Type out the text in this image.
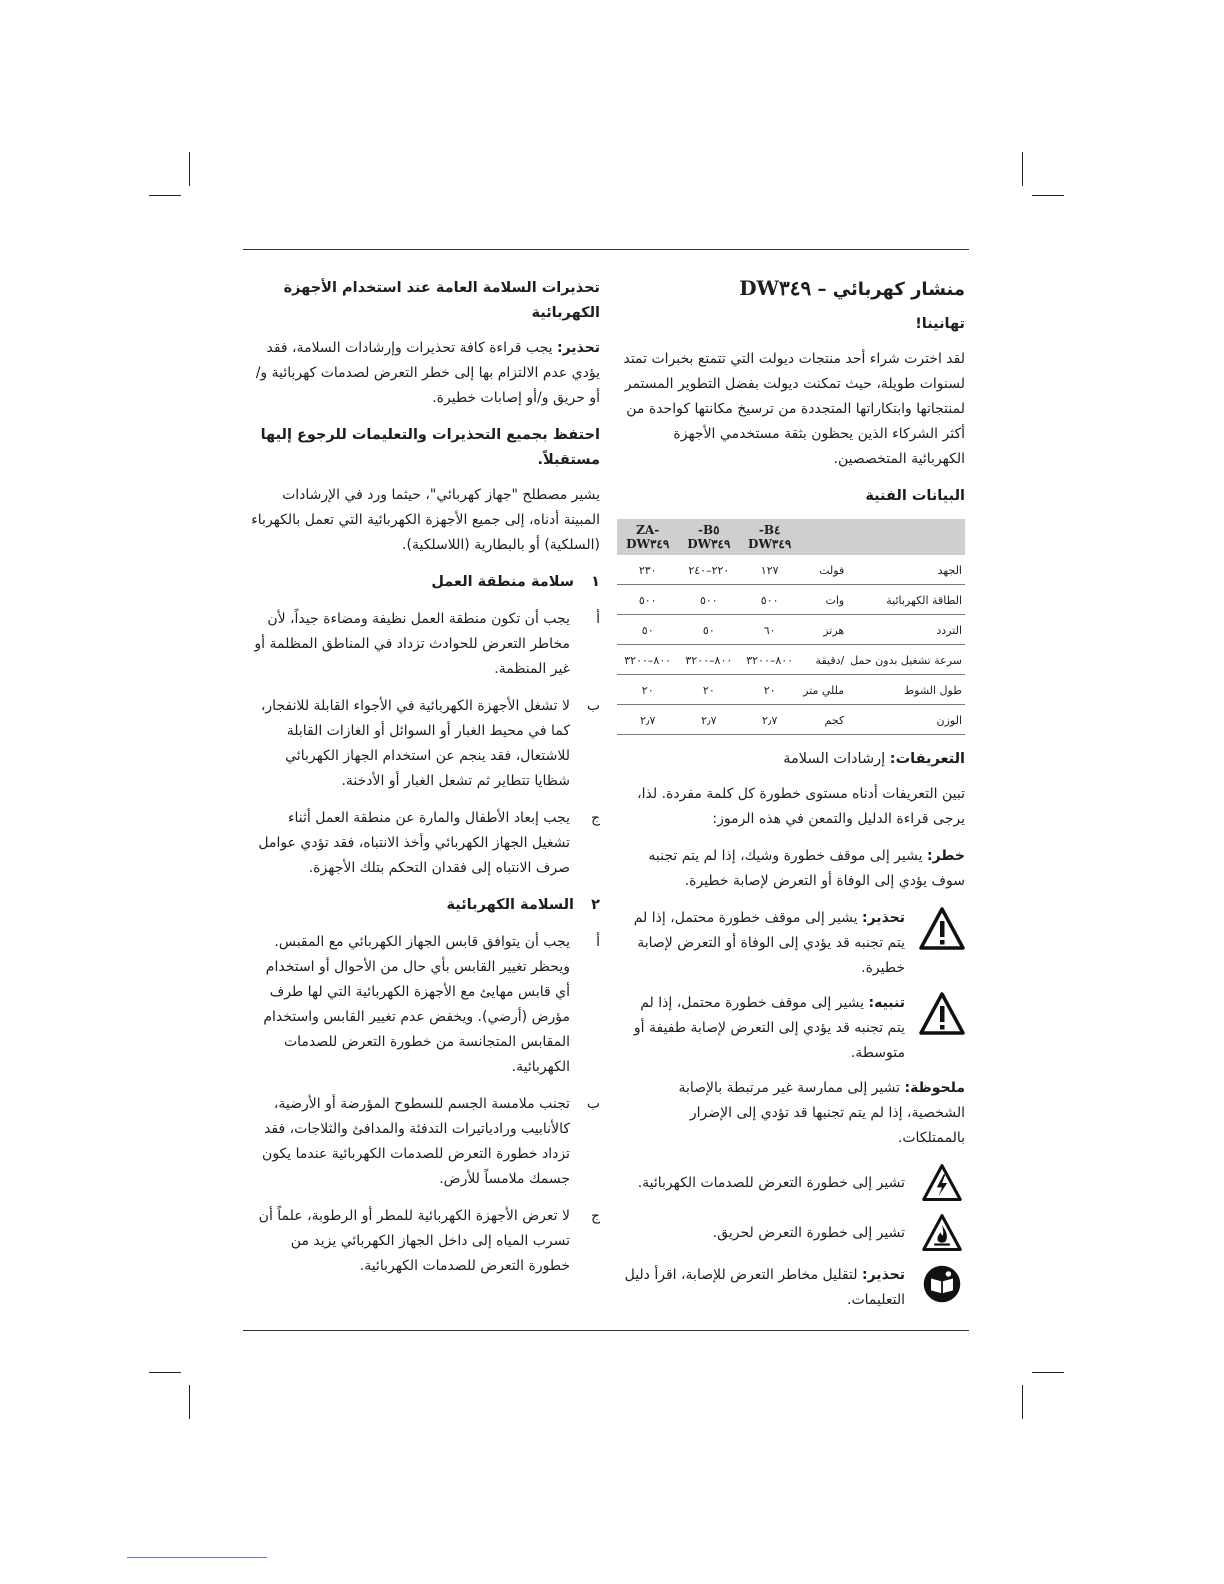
منشار كهربائي – DW٣٤٩
تهانينا!

لقد اخترت شراء أحد منتجات ديولت التي تتمتع بخبرات تمتد لسنوات طويلة، حيث تمكنت ديولت بفضل التطوير المستمر لمنتجاتها وابتكاراتها المتجددة من ترسيخ مكانتها كواحدة من أكثر الشركاء الذين يحظون بثقة مستخدمي الأجهزة الكهربائية المتخصصين.

البيانات الفنية
		B٤-DW٣٤٩	B٥-DW٣٤٩	ZA-DW٣٤٩
الجهد	فولت	١٢٧	٢٢٠–٢٤٠	٢٣٠
الطاقة الكهربائية	وات	٥٠٠	٥٠٠	٥٠٠
التردد	هرتز	٦٠	٥٠	٥٠
سرعة تشغيل بدون حمل	/دقيقة	٨٠٠–٣٢٠٠	٨٠٠–٣٢٠٠	٨٠٠–٣٢٠٠
طول الشوط	مللي متر	٢٠	٢٠	٢٠
الوزن	كجم	٢٫٧	٢٫٧	٢٫٧
التعريفات: إرشادات السلامة

تبين التعريفات أدناه مستوى خطورة كل كلمة مفردة. لذا، يرجى قراءة الدليل والتمعن في هذه الرموز:

خطر: يشير إلى موقف خطورة وشيك، إذا لم يتم تجنبه سوف يؤدي إلى الوفاة أو التعرض لإصابة خطيرة.

تحذير: يشير إلى موقف خطورة محتمل، إذا لم يتم تجنبه قد يؤدي إلى الوفاة أو التعرض لإصابة خطيرة.

تنبيه: يشير إلى موقف خطورة محتمل، إذا لم يتم تجنبه قد يؤدي إلى التعرض لإصابة طفيفة أو متوسطة.

ملحوظة: تشير إلى ممارسة غير مرتبطة بالإصابة الشخصية، إذا لم يتم تجنبها قد تؤدي إلى الإضرار بالممتلكات.

تشير إلى خطورة التعرض للصدمات الكهربائية.

تشير إلى خطورة التعرض لحريق.

تحذير: لتقليل مخاطر التعرض للإصابة، اقرأ دليل التعليمات.

تحذيرات السلامة العامة عند استخدام الأجهزة الكهربائية

تحذير: يجب قراءة كافة تحذيرات وإرشادات السلامة، فقد يؤدي عدم الالتزام بها إلى خطر التعرض لصدمات كهربائية و/أو حريق و/أو إصابات خطيرة.

احتفظ بجميع التحذيرات والتعليمات للرجوع إليها مستقبلاً.

يشير مصطلح "جهاز كهربائي"، حيثما ورد في الإرشادات المبينة أدناه، إلى جميع الأجهزة الكهربائية التي تعمل بالكهرباء (السلكية) أو بالبطارية (اللاسلكية).

١
سلامة منطقة العمل
أ

يجب أن تكون منطقة العمل نظيفة ومضاءة جيداً، لأن مخاطر التعرض للحوادث تزداد في المناطق المظلمة أو غير المنظمة.

ب

لا تشغل الأجهزة الكهربائية في الأجواء القابلة للانفجار، كما في محيط الغبار أو السوائل أو الغازات القابلة للاشتعال، فقد ينجم عن استخدام الجهاز الكهربائي شظايا تتطاير ثم تشعل الغبار أو الأدخنة.

ج

يجب إبعاد الأطفال والمارة عن منطقة العمل أثناء تشغيل الجهاز الكهربائي وأخذ الانتباه، فقد تؤدي عوامل صرف الانتباه إلى فقدان التحكم بتلك الأجهزة.

٢
السلامة الكهربائية
أ

يجب أن يتوافق قابس الجهاز الكهربائي مع المقبس. ويحظر تغيير القابس بأي حال من الأحوال أو استخدام أي قابس مهايئ مع الأجهزة الكهربائية التي لها طرف مؤرض (أرضي). ويخفض عدم تغيير القابس واستخدام المقابس المتجانسة من خطورة التعرض للصدمات الكهربائية.

ب

تجنب ملامسة الجسم للسطوح المؤرضة أو الأرضية، كالأنابيب ورادياتيرات التدفئة والمدافئ والثلاجات، فقد تزداد خطورة التعرض للصدمات الكهربائية عندما يكون جسمك ملامساً للأرض.

ج

لا تعرض الأجهزة الكهربائية للمطر أو الرطوبة، علماً أن تسرب المياه إلى داخل الجهاز الكهربائي يزيد من خطورة التعرض للصدمات الكهربائية.
